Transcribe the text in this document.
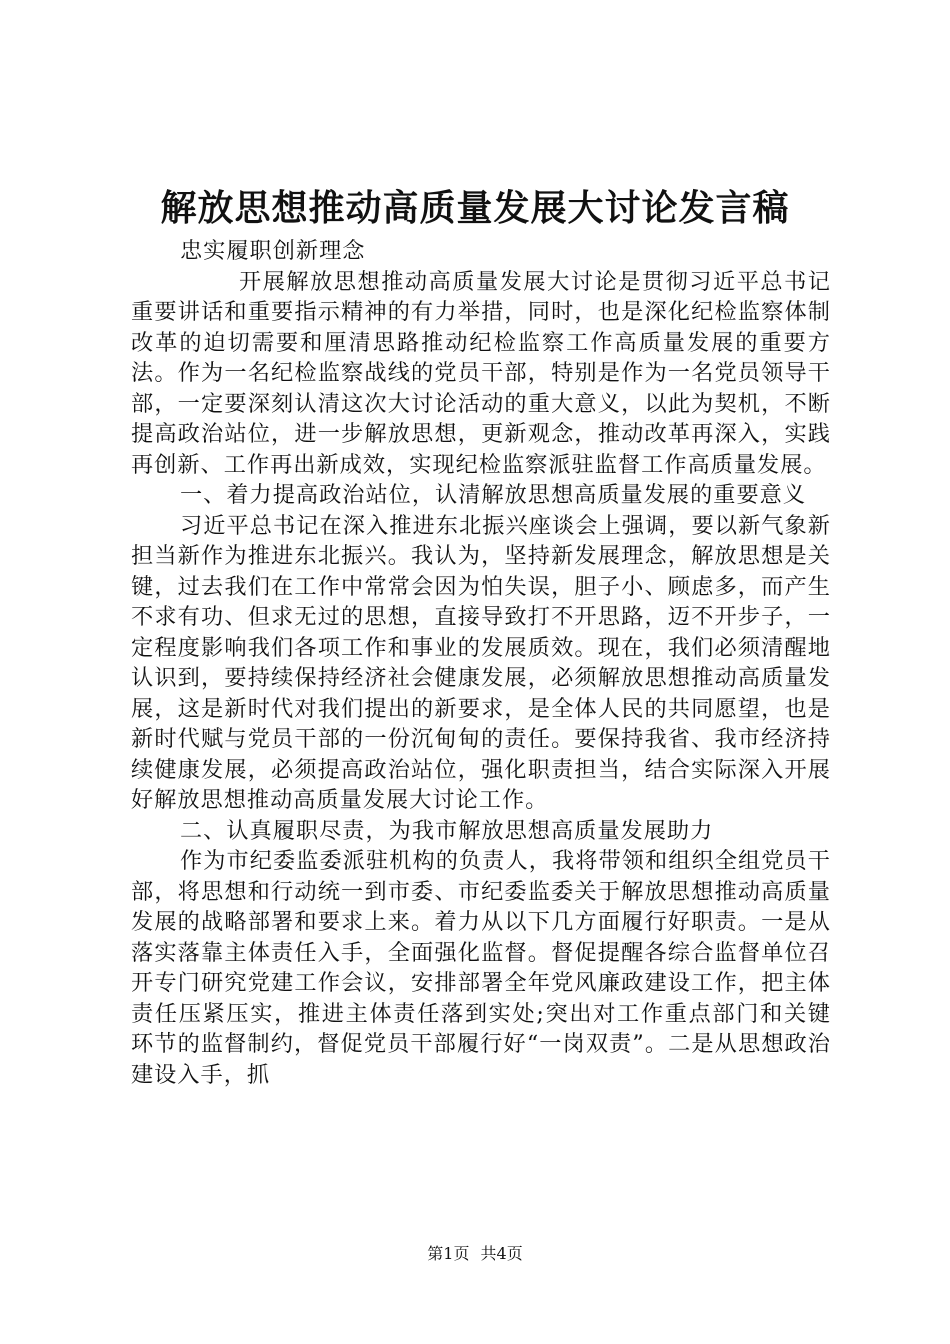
解放思想推动高质量发展大讨论发言稿

忠实履职创新理念

开展解放思想推动高质量发展大讨论是贯彻习近平总书记重要讲话和重要指示精神的有力举措，同时，也是深化纪检监察体制改革的迫切需要和厘清思路推动纪检监察工作高质量发展的重要方法。作为一名纪检监察战线的党员干部，特别是作为一名党员领导干部，一定要深刻认清这次大讨论活动的重大意义，以此为契机，不断提高政治站位，进一步解放思想，更新观念，推动改革再深入，实践再创新、工作再出新成效，实现纪检监察派驻监督工作高质量发展。

一、着力提高政治站位，认清解放思想高质量发展的重要意义

习近平总书记在深入推进东北振兴座谈会上强调，要以新气象新担当新作为推进东北振兴。我认为，坚持新发展理念，解放思想是关键，过去我们在工作中常常会因为怕失误，胆子小、顾虑多，而产生不求有功、但求无过的思想，直接导致打不开思路，迈不开步子，一定程度影响我们各项工作和事业的发展质效。现在，我们必须清醒地认识到，要持续保持经济社会健康发展，必须解放思想推动高质量发展，这是新时代对我们提出的新要求，是全体人民的共同愿望，也是新时代赋与党员干部的一份沉甸甸的责任。要保持我省、我市经济持续健康发展，必须提高政治站位，强化职责担当，结合实际深入开展好解放思想推动高质量发展大讨论工作。

二、认真履职尽责，为我市解放思想高质量发展助力

作为市纪委监委派驻机构的负责人，我将带领和组织全组党员干部，将思想和行动统一到市委、市纪委监委关于解放思想推动高质量发展的战略部署和要求上来。着力从以下几方面履行好职责。一是从落实落靠主体责任入手，全面强化监督。督促提醒各综合监督单位召开专门研究党建工作会议，安排部署全年党风廉政建设工作，把主体责任压紧压实，推进主体责任落到实处;突出对工作重点部门和关键环节的监督制约，督促党员干部履行好“一岗双责”。二是从思想政治建设入手，抓

第1页 共4页
